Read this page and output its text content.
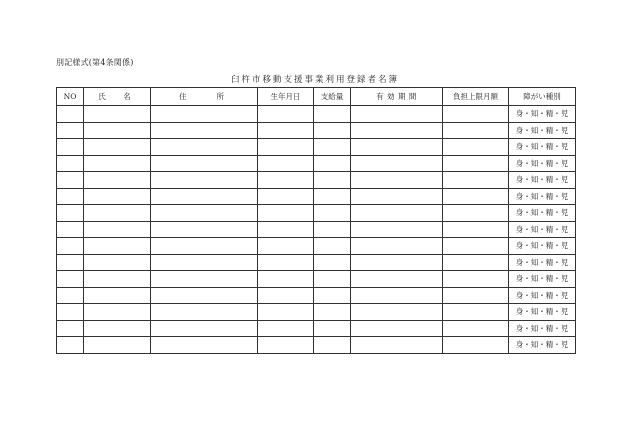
別記様式(第4条関係)
臼杵市移動支援事業利用登録者名簿
NO	氏　名	住　　所	生年月日	支給量	有 効 期 間	負担上限月額	障がい種別
							身・知・精・児
							身・知・精・児
							身・知・精・児
							身・知・精・児
							身・知・精・児
							身・知・精・児
							身・知・精・児
							身・知・精・児
							身・知・精・児
							身・知・精・児
							身・知・精・児
							身・知・精・児
							身・知・精・児
							身・知・精・児
							身・知・精・児
